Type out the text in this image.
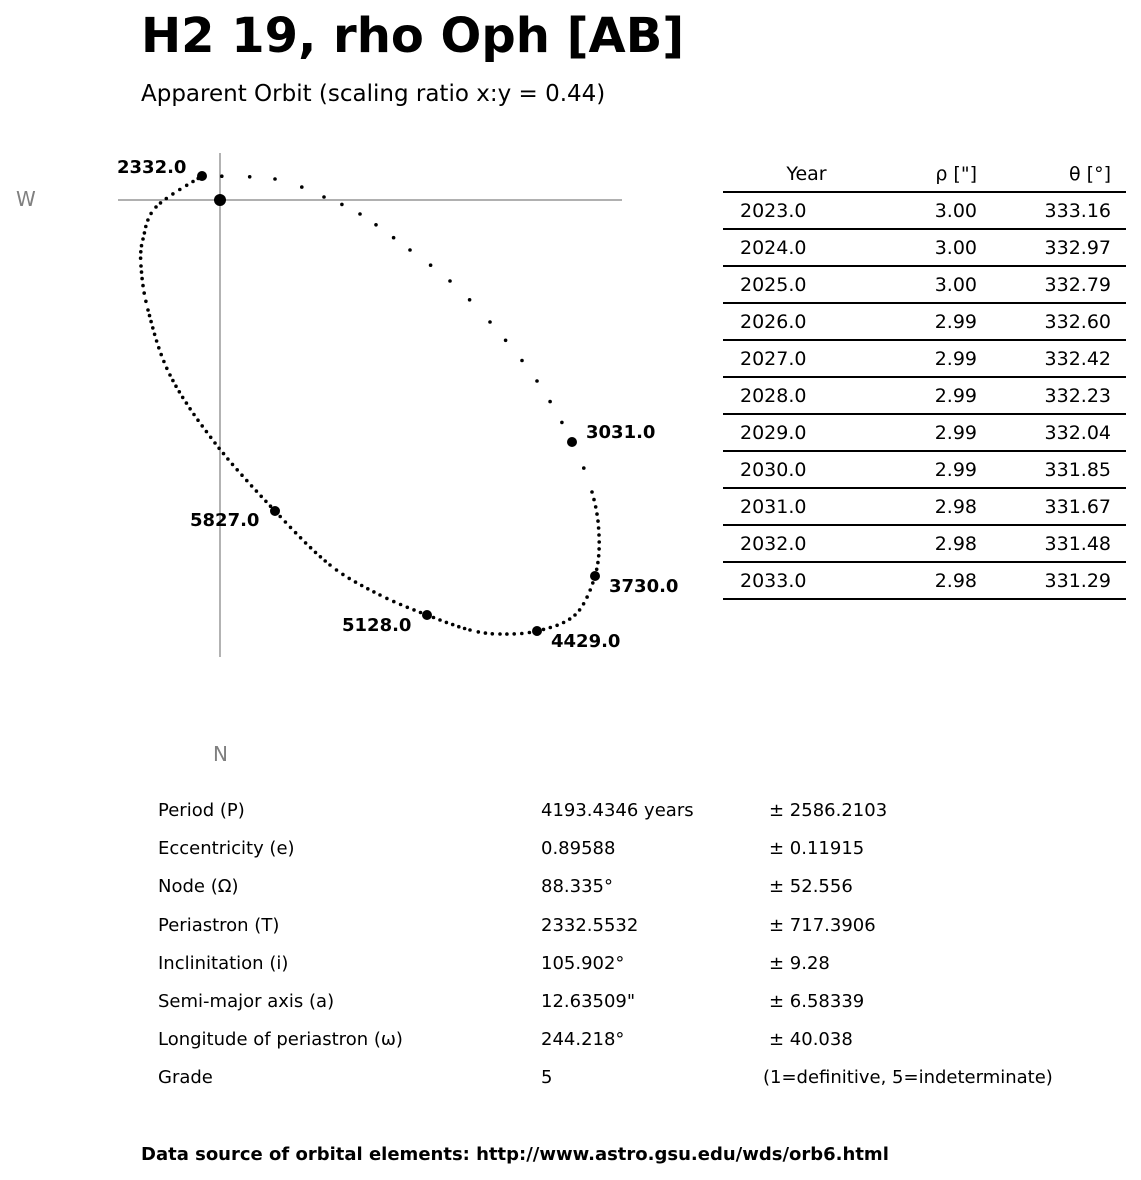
H2 19, rho Oph [AB]
Apparent Orbit (scaling ratio x:y = 0.44)
W
N
2332.0
3031.0
3730.0
4429.0
5128.0
5827.0
Year	ρ ["]	θ [°]
2023.0	3.00	333.16
2024.0	3.00	332.97
2025.0	3.00	332.79
2026.0	2.99	332.60
2027.0	2.99	332.42
2028.0	2.99	332.23
2029.0	2.99	332.04
2030.0	2.99	331.85
2031.0	2.98	331.67
2032.0	2.98	331.48
2033.0	2.98	331.29
Period (P)	4193.4346 years	± 2586.2103
Eccentricity (e)	0.89588	± 0.11915
Node (Ω)	88.335°	± 52.556
Periastron (T)	2332.5532	± 717.3906
Inclinitation (i)	105.902°	± 9.28
Semi-major axis (a)	12.63509"	± 6.58339
Longitude of periastron (ω)	244.218°	± 40.038
Grade	5	(1=definitive, 5=indeterminate)
Data source of orbital elements: http://www.astro.gsu.edu/wds/orb6.html
